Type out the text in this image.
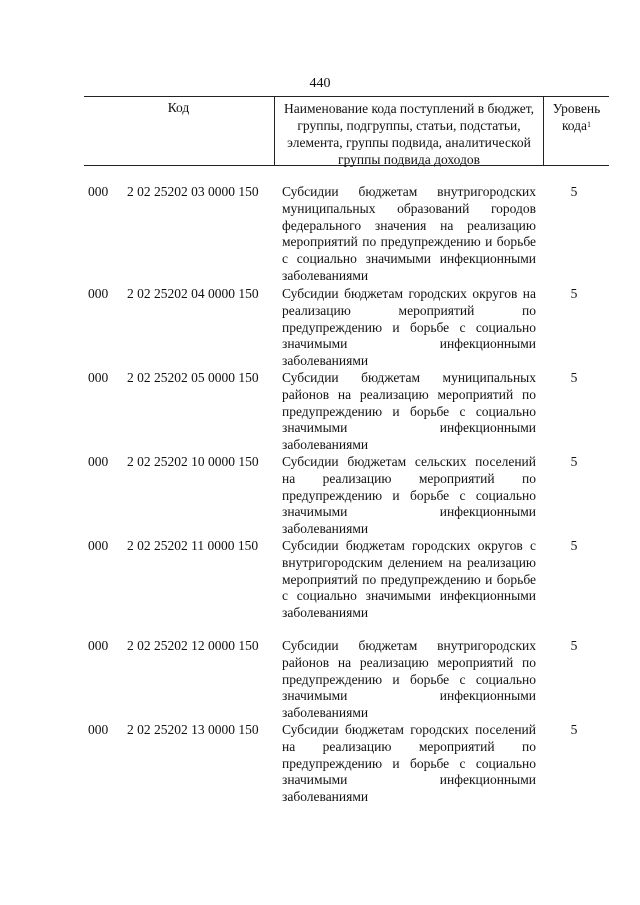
440
Код	Наименование кода поступлений в бюджет, группы, подгруппы, статьи, подстатьи, элемента, группы подвида, аналитической группы подвида доходов
Уровень кода$^1$
000 2 02 25202 03 0000 150 Субсидии бюджетам внутригородских муниципальных образований городов федерального значения на реализацию мероприятий по предупреждению и борьбе с социально значимыми инфекционными заболеваниями
5
000 2 02 25202 04 0000 150 Субсидии бюджетам городских округов на реализацию мероприятий по предупреждению и борьбе с социально значимыми инфекционными заболеваниями
5
000 2 02 25202 05 0000 150 Субсидии бюджетам муниципальных районов на реализацию мероприятий по предупреждению и борьбе с социально значимыми инфекционными заболеваниями
5
000 2 02 25202 10 0000 150 Субсидии бюджетам сельских поселений на реализацию мероприятий по предупреждению и борьбе с социально значимыми инфекционными заболеваниями
5
000 2 02 25202 11 0000 150 Субсидии бюджетам городских округов с внутригородским делением на реализацию мероприятий по предупреждению и борьбе с социально значимыми инфекционными заболеваниями
5
000 2 02 25202 12 0000 150 Субсидии бюджетам внутригородских районов на реализацию мероприятий по предупреждению и борьбе с социально значимыми инфекционными заболеваниями
5
000 2 02 25202 13 0000 150 Субсидии бюджетам городских поселений на реализацию мероприятий по предупреждению и борьбе с социально значимыми инфекционными заболеваниями
5
